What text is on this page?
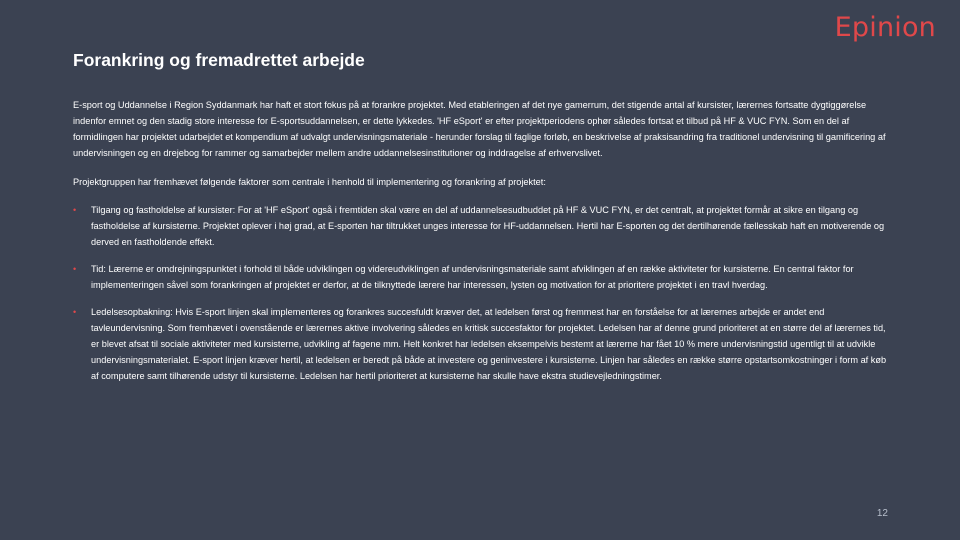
Epinion
Forankring og fremadrettet arbejde

E-sport og Uddannelse i Region Syddanmark har haft et stort fokus på at forankre projektet. Med etableringen af det nye gamerrum, det stigende antal af kursister, lærernes fortsatte dygtiggørelse indenfor emnet og den stadig store interesse for E-sportsuddannelsen, er dette lykkedes. 'HF eSport' er efter projektperiodens ophør således fortsat et tilbud på HF & VUC FYN. Som en del af formidlingen har projektet udarbejdet et kompendium af udvalgt undervisningsmateriale - herunder forslag til faglige forløb, en beskrivelse af praksisandring fra traditionel undervisning til gamificering af undervisningen og en drejebog for rammer og samarbejder mellem andre uddannelsesinstitutioner og inddragelse af erhvervslivet.

Projektgruppen har fremhævet følgende faktorer som centrale i henhold til implementering og forankring af projektet:

• Tilgang og fastholdelse af kursister: For at 'HF eSport' også i fremtiden skal være en del af uddannelsesudbuddet på HF & VUC FYN, er det centralt, at projektet formår at sikre en tilgang og fastholdelse af kursisterne. Projektet oplever i høj grad, at E-sporten har tiltrukket unges interesse for HF-uddannelsen. Hertil har E-sporten og det dertilhørende fællesskab haft en motiverende og derved en fastholdende effekt.
• Tid: Lærerne er omdrejningspunktet i forhold til både udviklingen og videreudviklingen af undervisningsmateriale samt afviklingen af en række aktiviteter for kursisterne. En central faktor for implementeringen såvel som forankringen af projektet er derfor, at de tilknyttede lærere har interessen, lysten og motivation for at prioritere projektet i en travl hverdag.
• Ledelsesopbakning: Hvis E-sport linjen skal implementeres og forankres succesfuldt kræver det, at ledelsen først og fremmest har en forståelse for at lærernes arbejde er andet end tavleundervisning. Som fremhævet i ovenstående er lærernes aktive involvering således en kritisk succesfaktor for projektet. Ledelsen har af denne grund prioriteret at en større del af lærernes tid, er blevet afsat til sociale aktiviteter med kursisterne, udvikling af fagene mm. Helt konkret har ledelsen eksempelvis bestemt at lærerne har fået 10 % mere undervisningstid ugentligt til at udvikle undervisningsmaterialet. E-sport linjen kræver hertil, at ledelsen er beredt på både at investere og geninvestere i kursisterne. Linjen har således en række større opstartsomkostninger i form af køb af computere samt tilhørende udstyr til kursisterne. Ledelsen har hertil prioriteret at kursisterne har skulle have ekstra studievejledningstimer.
12
